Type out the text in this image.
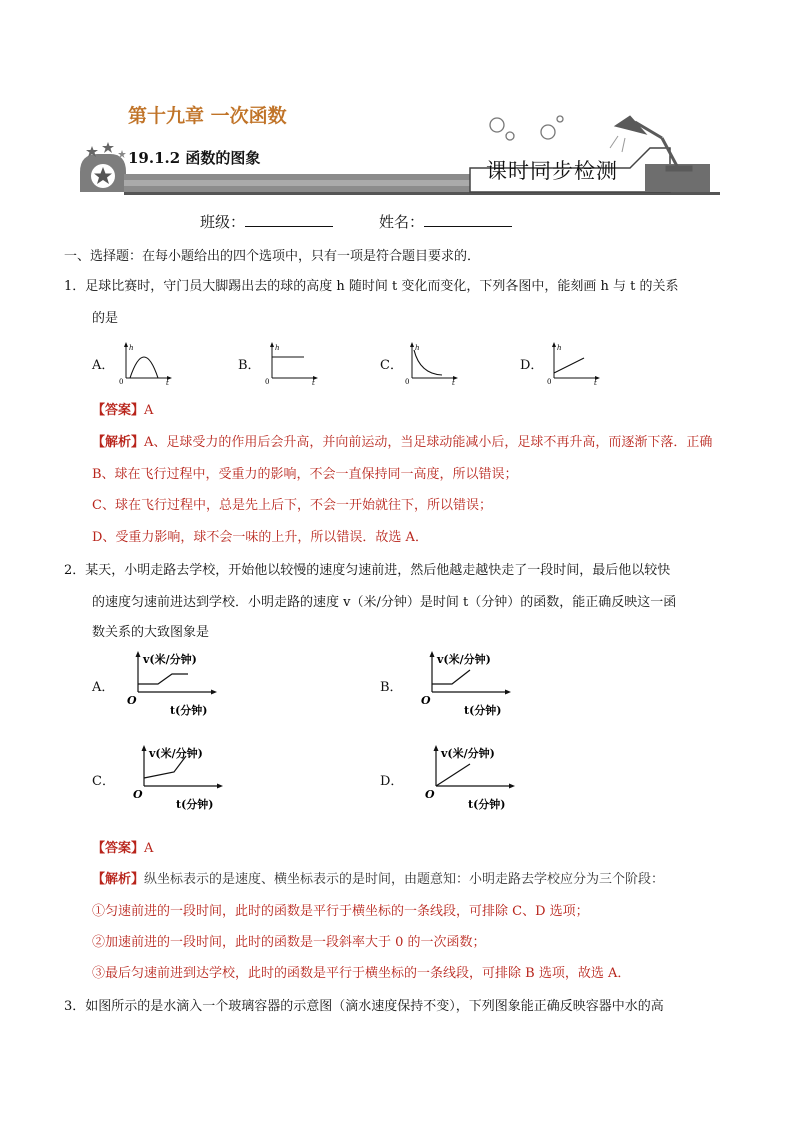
第十九章 一次函数
19.1.2 函数的图象
课时同步检测
班级：	姓名：
一、选择题：在每小题给出的四个选项中，只有一项是符合题目要求的．
1．足球比赛时，守门员大脚踢出去的球的高度 h 随时间 t 变化而变化，下列各图中，能刻画 h 与 t 的关系
的是
A．	B．	C．	D．
h
t
0
h
t
0
h
t
0
h
t
0
【答案】A
【解析】A、足球受力的作用后会升高，并向前运动，当足球动能减小后，足球不再升高，而逐渐下落．正确
B、球在飞行过程中，受重力的影响，不会一直保持同一高度，所以错误；
C、球在飞行过程中，总是先上后下，不会一开始就往下，所以错误；
D、受重力影响，球不会一味的上升，所以错误．故选 A．
2．某天，小明走路去学校，开始他以较慢的速度匀速前进，然后他越走越快走了一段时间，最后他以较快
的速度匀速前进达到学校．小明走路的速度 v（米/分钟）是时间 t（分钟）的函数，能正确反映这一函
数关系的大致图象是
A．	B．
C．	D．
v(米/分钟)
t(分钟)
O
v(米/分钟)
t(分钟)
O
v(米/分钟)
t(分钟)
O
v(米/分钟)
t(分钟)
O
【答案】A
【解析】纵坐标表示的是速度、横坐标表示的是时间，由题意知：小明走路去学校应分为三个阶段：
①匀速前进的一段时间，此时的函数是平行于横坐标的一条线段，可排除 C、D 选项；
②加速前进的一段时间，此时的函数是一段斜率大于 0 的一次函数；
③最后匀速前进到达学校，此时的函数是平行于横坐标的一条线段，可排除 B 选项，故选 A．
3．如图所示的是水滴入一个玻璃容器的示意图（滴水速度保持不变），下列图象能正确反映容器中水的高
